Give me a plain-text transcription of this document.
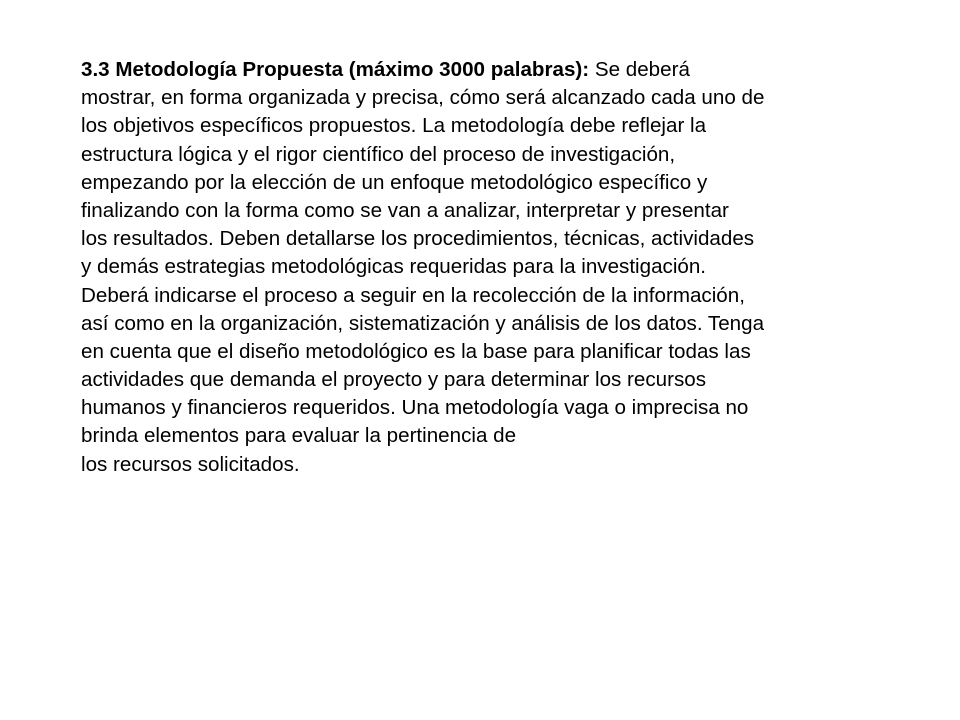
3.3 Metodología Propuesta (máximo 3000 palabras): Se deberá
mostrar, en forma organizada y precisa, cómo será alcanzado cada uno de
los objetivos específicos propuestos. La metodología debe reflejar la
estructura lógica y el rigor científico del proceso de investigación,
empezando por la elección de un enfoque metodológico específico y
finalizando con la forma como se van a analizar, interpretar y presentar
los resultados. Deben detallarse los procedimientos, técnicas, actividades
y demás estrategias metodológicas requeridas para la investigación.
Deberá indicarse el proceso a seguir en la recolección de la información,
así como en la organización, sistematización y análisis de los datos. Tenga
en cuenta que el diseño metodológico es la base para planificar todas las
actividades que demanda el proyecto y para determinar los recursos
humanos y financieros requeridos. Una metodología vaga o imprecisa no
brinda elementos para evaluar la pertinencia de
los recursos solicitados.
